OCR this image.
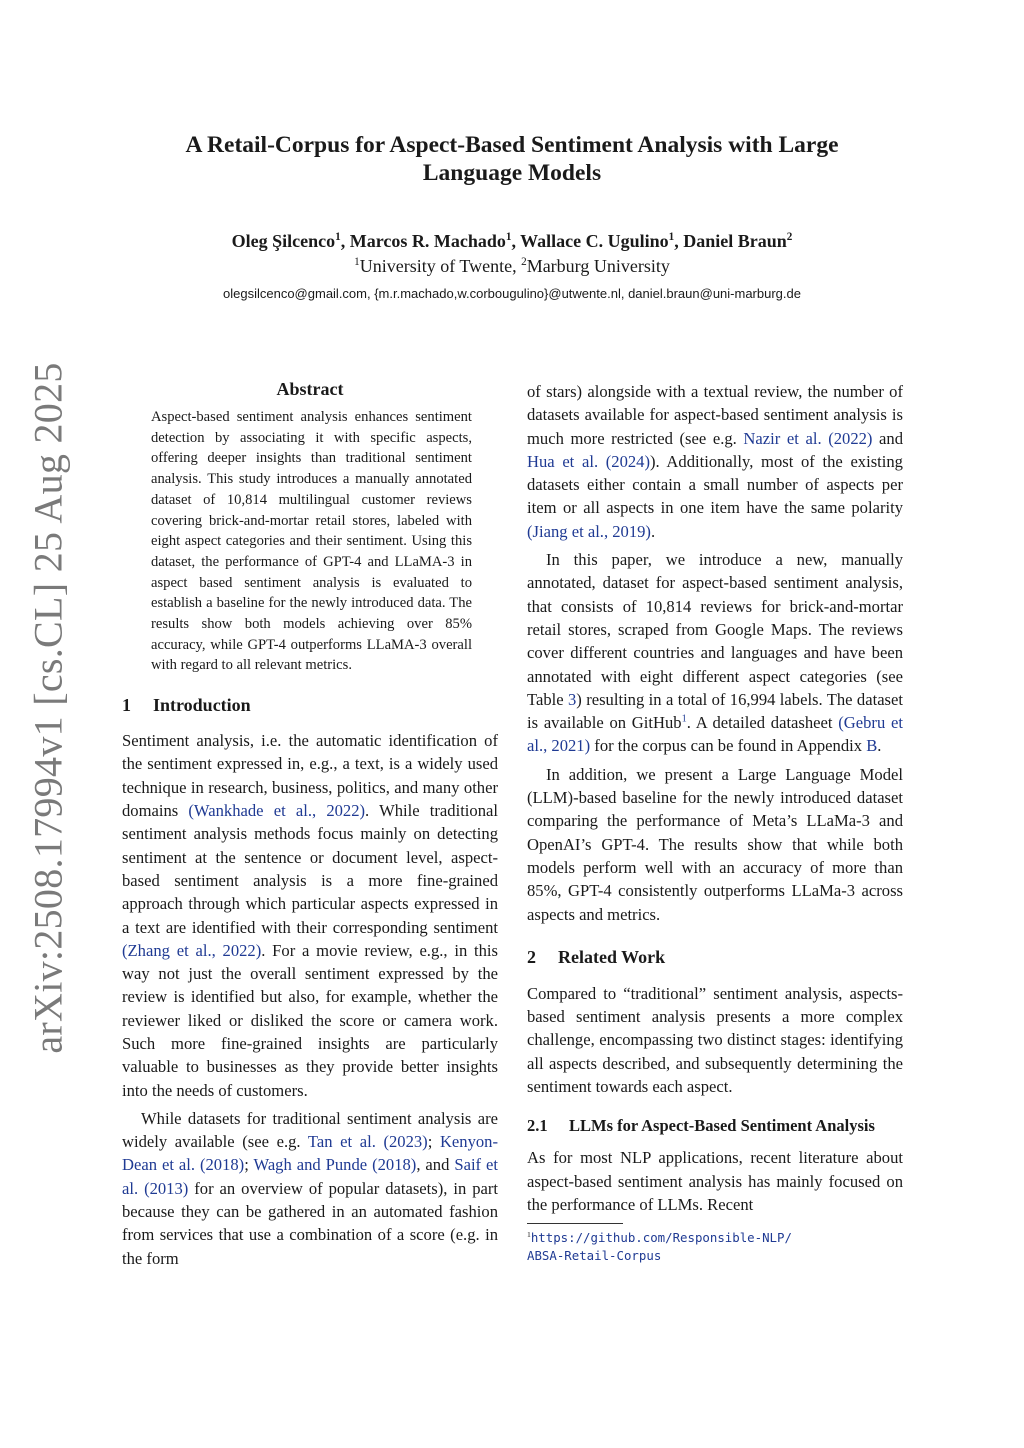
arXiv:2508.17994v1 [cs.CL] 25 Aug 2025
A Retail-Corpus for Aspect-Based Sentiment Analysis with Large
Language Models
Oleg Şilcenco$^1$, Marcos R. Machado$^1$, Wallace C. Ugulino$^1$, Daniel Braun$^2$
$^1$University of Twente, $^2$Marburg University
olegsilcenco@gmail.com, {m.r.machado,w.corbougulino}@utwente.nl, daniel.braun@uni-marburg.de
Abstract
Aspect-based sentiment analysis enhances sentiment detection by associating it with specific aspects, offering deeper insights than traditional sentiment analysis. This study introduces a manually annotated dataset of 10,814 multilingual customer reviews covering brick-and-mortar retail stores, labeled with eight aspect categories and their sentiment. Using this dataset, the performance of GPT-4 and LLaMA-3 in aspect based sentiment analysis is evaluated to establish a baseline for the newly introduced data. The results show both models achieving over 85% accuracy, while GPT-4 outperforms LLaMA-3 overall with regard to all relevant metrics.
1 Introduction

Sentiment analysis, i.e. the automatic identification of the sentiment expressed in, e.g., a text, is a widely used technique in research, business, politics, and many other domains (Wankhade et al., 2022). While traditional sentiment analysis methods focus mainly on detecting sentiment at the sentence or document level, aspect-based sentiment analysis is a more fine-grained approach through which particular aspects expressed in a text are identified with their corresponding sentiment (Zhang et al., 2022). For a movie review, e.g., in this way not just the overall sentiment expressed by the review is identified but also, for example, whether the reviewer liked or disliked the score or camera work. Such more fine-grained insights are particularly valuable to businesses as they provide better insights into the needs of customers.

While datasets for traditional sentiment analysis are widely available (see e.g. Tan et al. (2023); Kenyon-Dean et al. (2018); Wagh and Punde (2018), and Saif et al. (2013) for an overview of popular datasets), in part because they can be gathered in an automated fashion from services that use a combination of a score (e.g. in the form

of stars) alongside with a textual review, the number of datasets available for aspect-based sentiment analysis is much more restricted (see e.g. Nazir et al. (2022) and Hua et al. (2024)). Additionally, most of the existing datasets either contain a small number of aspects per item or all aspects in one item have the same polarity (Jiang et al., 2019).

In this paper, we introduce a new, manually annotated, dataset for aspect-based sentiment analysis, that consists of 10,814 reviews for brick-and-mortar retail stores, scraped from Google Maps. The reviews cover different countries and languages and have been annotated with eight different aspect categories (see Table 3) resulting in a total of 16,994 labels. The dataset is available on GitHub$^1$. A detailed datasheet (Gebru et al., 2021) for the corpus can be found in Appendix B.

In addition, we present a Large Language Model (LLM)-based baseline for the newly introduced dataset comparing the performance of Meta’s LLaMa-3 and OpenAI’s GPT-4. The results show that while both models perform well with an accuracy of more than 85%, GPT-4 consistently outperforms LLaMa-3 across aspects and metrics.

2 Related Work

Compared to “traditional” sentiment analysis, aspects-based sentiment analysis presents a more complex challenge, encompassing two distinct stages: identifying all aspects described, and subsequently determining the sentiment towards each aspect.

2.1	LLMs for Aspect-Based Sentiment Analysis

As for most NLP applications, recent literature about aspect-based sentiment analysis has mainly focused on the performance of LLMs. Recent

$^1$https://github.com/Responsible-NLP/
ABSA-Retail-Corpus
